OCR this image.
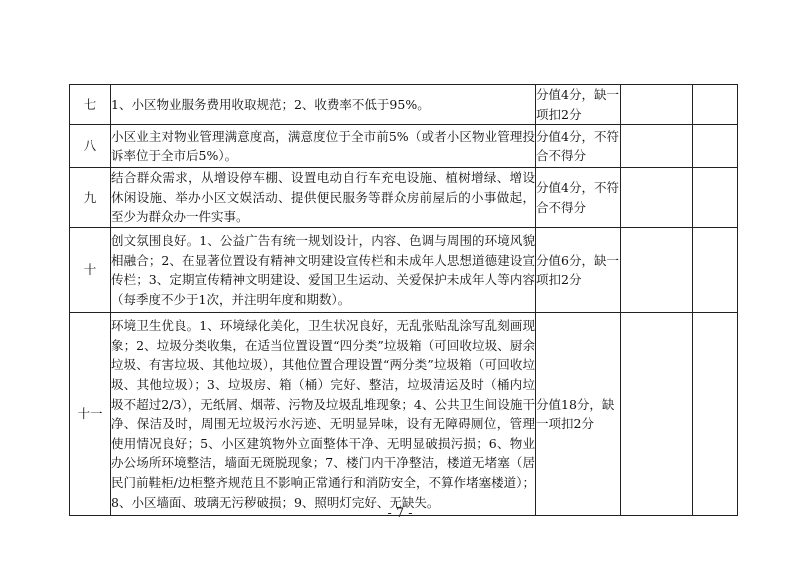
七	1、小区物业服务费用收取规范；2、收费率不低于95%。	分值4分，缺一项扣2分		
八	小区业主对物业管理满意度高，满意度位于全市前5%（或者小区物业管理投诉率位于全市后5%）。	分值4分，不符合不得分		
九	结合群众需求，从增设停车棚、设置电动自行车充电设施、植树增绿、增设休闲设施、举办小区文娱活动、提供便民服务等群众房前屋后的小事做起，至少为群众办一件实事。	分值4分，不符合不得分		
十	创文氛围良好。1、公益广告有统一规划设计，内容、色调与周围的环境风貌相融合；2、在显著位置设有精神文明建设宣传栏和未成年人思想道德建设宣传栏；3、定期宣传精神文明建设、爱国卫生运动、关爱保护未成年人等内容（每季度不少于1次，并注明年度和期数）。	分值6分，缺一项扣2分		
十一	环境卫生优良。1、环境绿化美化，卫生状况良好，无乱张贴乱涂写乱刻画现象；2、垃圾分类收集，在适当位置设置“四分类”垃圾箱（可回收垃圾、厨余垃圾、有害垃圾、其他垃圾），其他位置合理设置“两分类”垃圾箱（可回收垃圾、其他垃圾）；3、垃圾房、箱（桶）完好、整洁，垃圾清运及时（桶内垃圾不超过2/3），无纸屑、烟蒂、污物及垃圾乱堆现象；4、公共卫生间设施干净、保洁及时，周围无垃圾污水污迹、无明显异味，设有无障碍厕位，管理使用情况良好；5、小区建筑物外立面整体干净、无明显破损污损；6、物业办公场所环境整洁，墙面无斑脱现象；7、楼门内干净整洁，楼道无堵塞（居民门前鞋柜/边柜整齐规范且不影响正常通行和消防安全，不算作堵塞楼道）；8、小区墙面、玻璃无污秽破损；9、照明灯完好、无缺失。	分值18分，缺一项扣2分		
- 7 -
